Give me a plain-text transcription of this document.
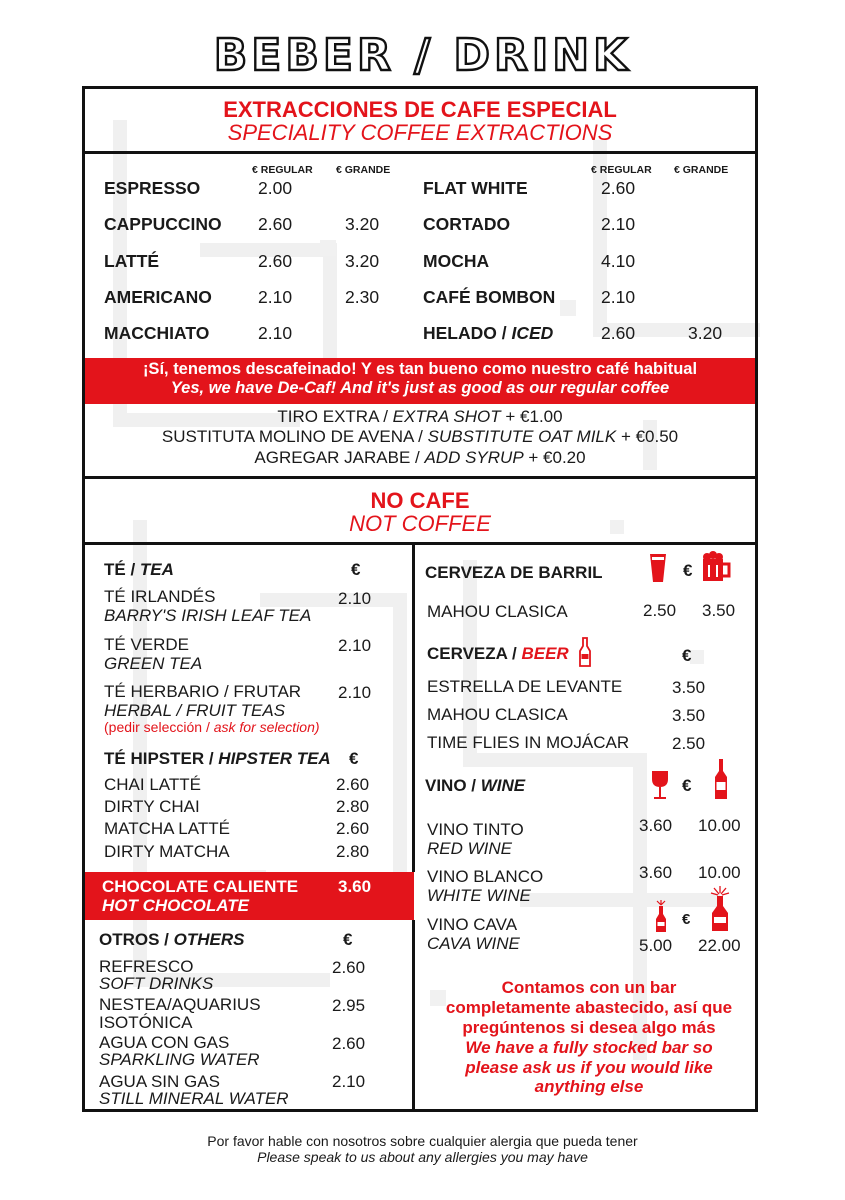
BEBER / DRINK
EXTRACCIONES DE CAFE ESPECIAL
SPECIALITY COFFEE EXTRACTIONS
€ REGULAR € GRANDE	€ REGULAR € GRANDE
ESPRESSO	2.00
CAPPUCCINO 2.60	3.20
LATTÉ	2.60	3.20
AMERICANO	2.10	2.30
MACCHIATO	2.10
FLAT WHITE	2.60
CORTADO	2.10
MOCHA	4.10
CAFÉ BOMBON	2.10
HELADO / ICED	2.60	3.20
¡Sí, tenemos descafeinado! Y es tan bueno como nuestro café habitual
Yes, we have De-Caf! And it's just as good as our regular coffee
TIRO EXTRA / EXTRA SHOT + €1.00
SUSTITUTA MOLINO DE AVENA / SUBSTITUTE OAT MILK + €0.50
AGREGAR JARABE / ADD SYRUP + €0.20
NO CAFE
NOT COFFEE
TÉ / TEA	€
TÉ IRLANDÉS
BARRY'S IRISH LEAF TEA
2.10
TÉ VERDE
GREEN TEA
2.10
TÉ HERBARIO / FRUTAR
HERBAL / FRUIT TEAS
2.10
(pedir selección / ask for selection)
TÉ HIPSTER / HIPSTER TEA €
CHAI LATTÉ	2.60
DIRTY CHAI	2.80
MATCHA LATTÉ	2.60
DIRTY MATCHA	2.80
CHOCOLATE CALIENTE
HOT CHOCOLATE
3.60
OTROS / OTHERS	€
REFRESCO
SOFT DRINKS
2.60
NESTEA/AQUARIUS
ISOTÓNICA
2.95
AGUA CON GAS
SPARKLING WATER
2.60
AGUA SIN GAS
STILL MINERAL WATER
2.10
CERVEZA DE BARRIL	€
MAHOU CLASICA	2.50 3.50
CERVEZA / BEER	€
ESTRELLA DE LEVANTE	3.50
MAHOU CLASICA	3.50
TIME FLIES IN MOJÁCAR	2.50
VINO / WINE	€
VINO TINTO
RED WINE
3.60 10.00
VINO BLANCO
WHITE WINE
3.60 10.00
VINO CAVA
CAVA WINE
€
5.00 22.00
Contamos con un bar
completamente abastecido, así que
pregúntenos si desea algo más
We have a fully stocked bar so
please ask us if you would like
anything else
Por favor hable con nosotros sobre cualquier alergia que pueda tener
Please speak to us about any allergies you may have
